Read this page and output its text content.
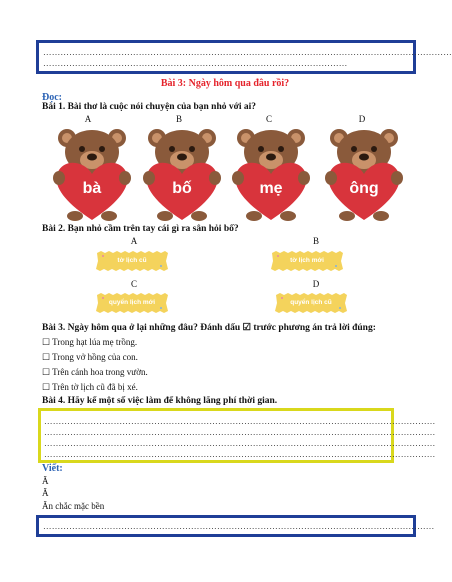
……………………………………………………………………………………………………………………………
……………………………………………………………………………………………
Bài 3: Ngày hôm qua đâu rồi?
Đọc:
Bài 1. Bài thơ là cuộc nói chuyện của bạn nhỏ với ai?
A	B	C	D
bà	bố	mẹ	ông
Bài 2. Bạn nhỏ cầm trên tay cái gì ra sân hỏi bố?
A	B
tờ lịch cũ	tờ lịch mới
C	D
quyển lịch mới	quyển lịch cũ
Bài 3. Ngày hôm qua ở lại những đâu? Đánh dấu ☑ trước phương án trả lời đúng:
☐ Trong hạt lúa mẹ trồng.
☐ Trong vở hồng của con.
☐ Trên cánh hoa trong vườn.
☐ Trên tờ lịch cũ đã bị xé.
Bài 4. Hãy kể một số việc làm để không lãng phí thời gian.
………………………………………………………………………………………………………………………
………………………………………………………………………………………………………………………
………………………………………………………………………………………………………………………
………………………………………………………………………………………………………………………
Viết:
Ă
Ă
Ăn chắc mặc bền
………………………………………………………………………………………………………………………
